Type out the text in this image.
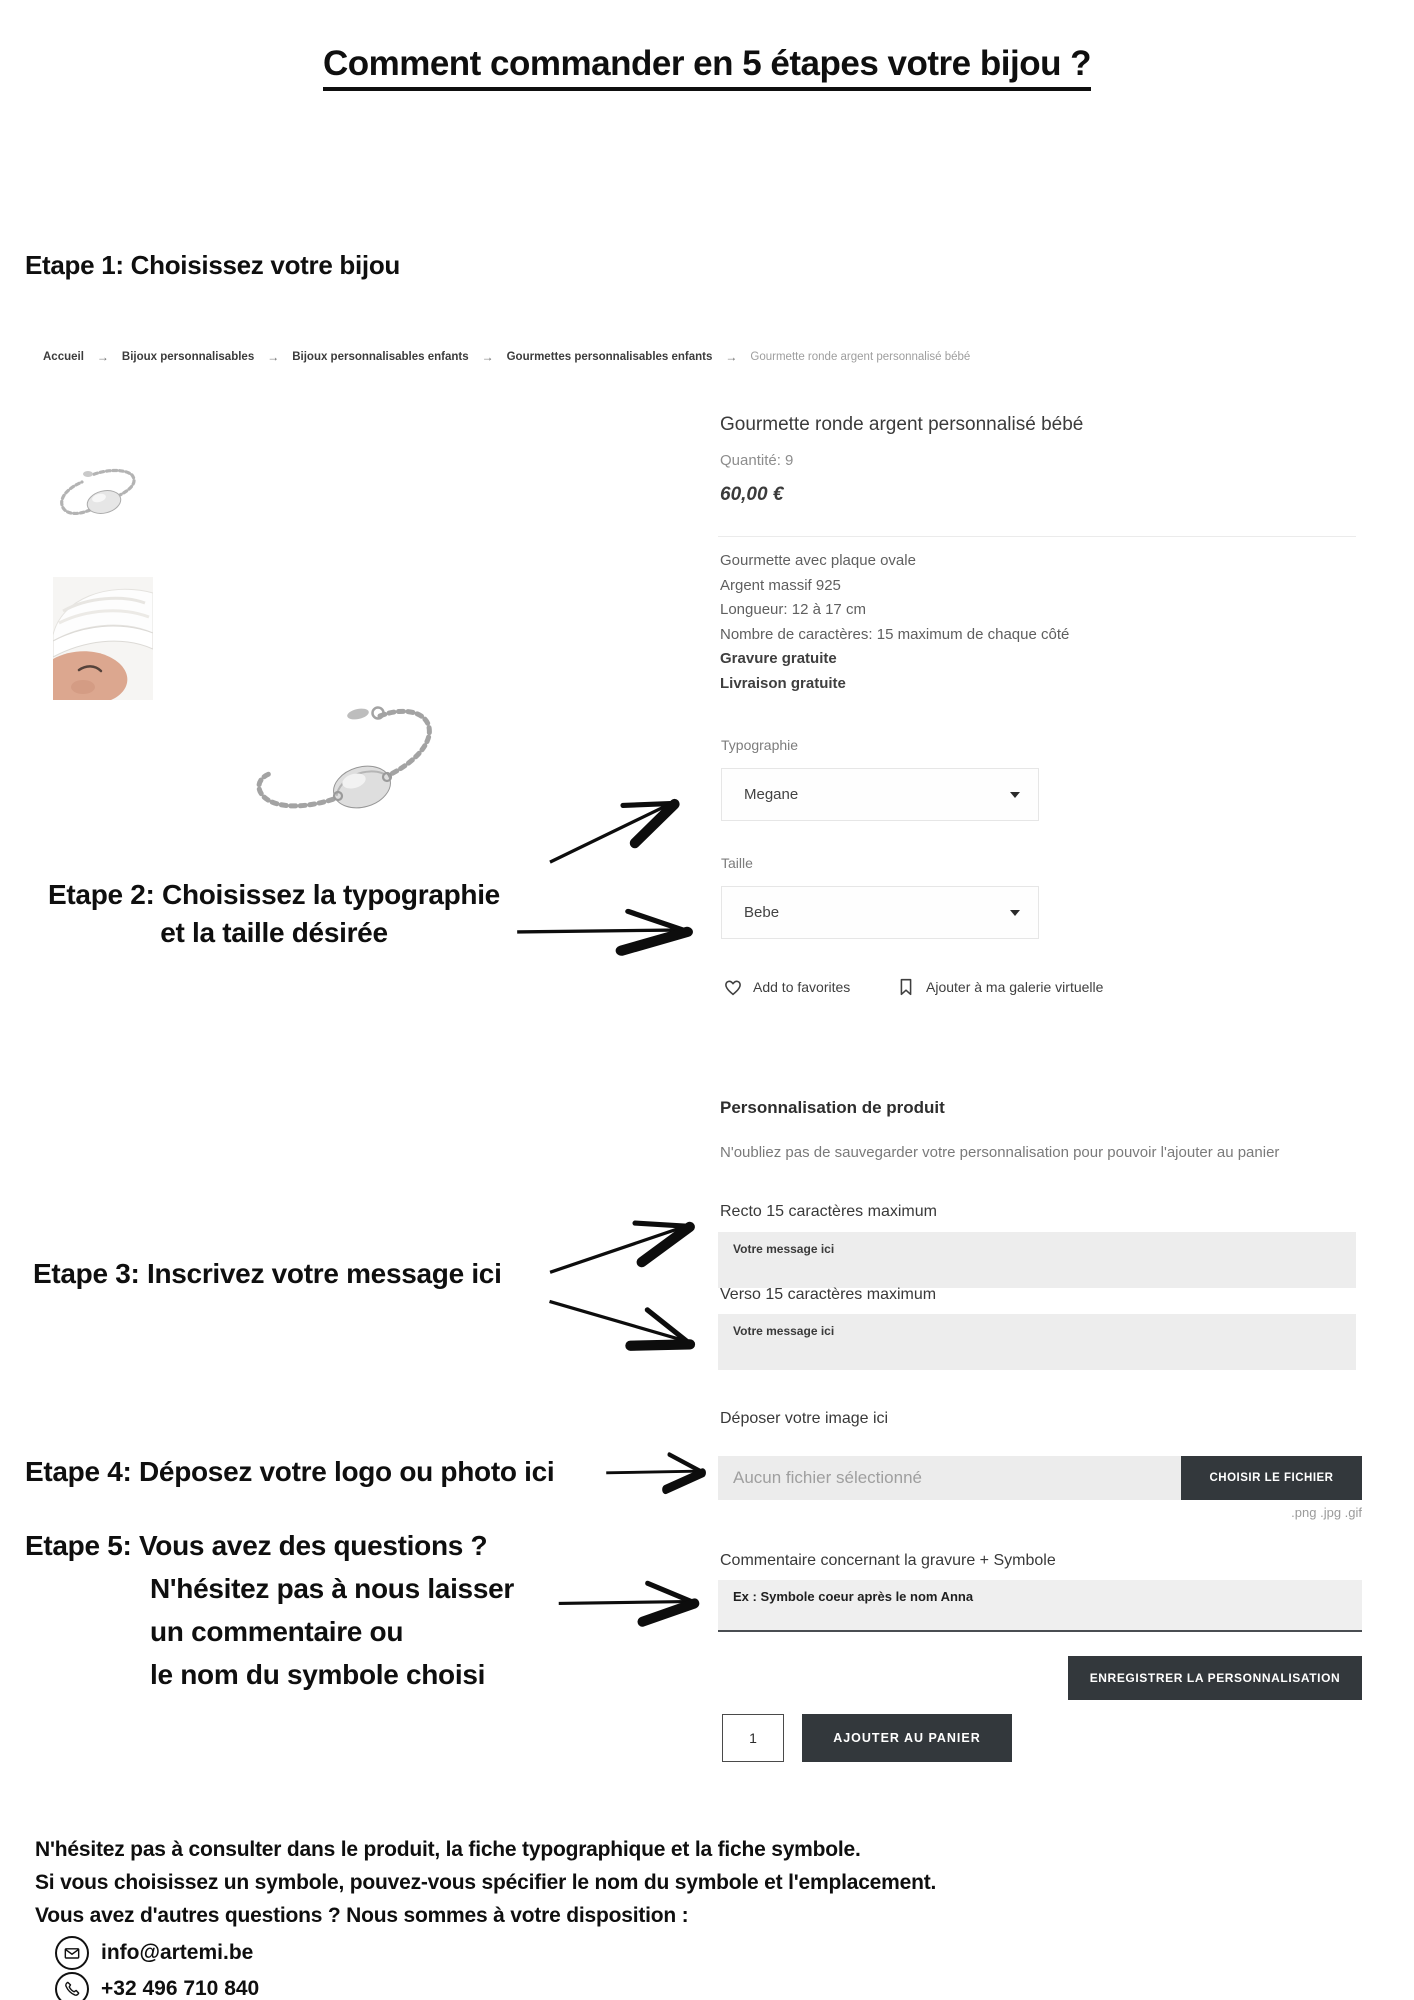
Comment commander en 5 étapes votre bijou ?
Etape 1: Choisissez votre bijou
Accueil → Bijoux personnalisables → Bijoux personnalisables enfants → Gourmettes personnalisables enfants → Gourmette ronde argent personnalisé bébé
Gourmette ronde argent personnalisé bébé
Quantité: 9
60,00 €
Gourmette avec plaque ovale
Argent massif 925
Longueur: 12 à 17 cm
Nombre de caractères: 15 maximum de chaque côté
Gravure gratuite
Livraison gratuite
Typographie
Megane
Taille
Bebe
Add to favorites	Ajouter à ma galerie virtuelle
Personnalisation de produit
N'oubliez pas de sauvegarder votre personnalisation pour pouvoir l'ajouter au panier
Recto 15 caractères maximum
Votre message ici
Verso 15 caractères maximum
Votre message ici
Déposer votre image ici
Aucun fichier sélectionné
CHOISIR LE FICHIER
.png .jpg .gif
Commentaire concernant la gravure + Symbole
Ex : Symbole coeur après le nom Anna
ENREGISTRER LA PERSONNALISATION
1
AJOUTER AU PANIER
Etape 2: Choisissez la typographie
et la taille désirée
Etape 3: Inscrivez votre message ici
Etape 4: Déposez votre logo ou photo ici
Etape 5: Vous avez des questions ?
N'hésitez pas à nous laisser
un commentaire ou
le nom du symbole choisi
N'hésitez pas à consulter dans le produit, la fiche typographique et la fiche symbole.
Si vous choisissez un symbole, pouvez-vous spécifier le nom du symbole et l'emplacement.
Vous avez d'autres questions ? Nous sommes à votre disposition :
info@artemi.be
+32 496 710 840
